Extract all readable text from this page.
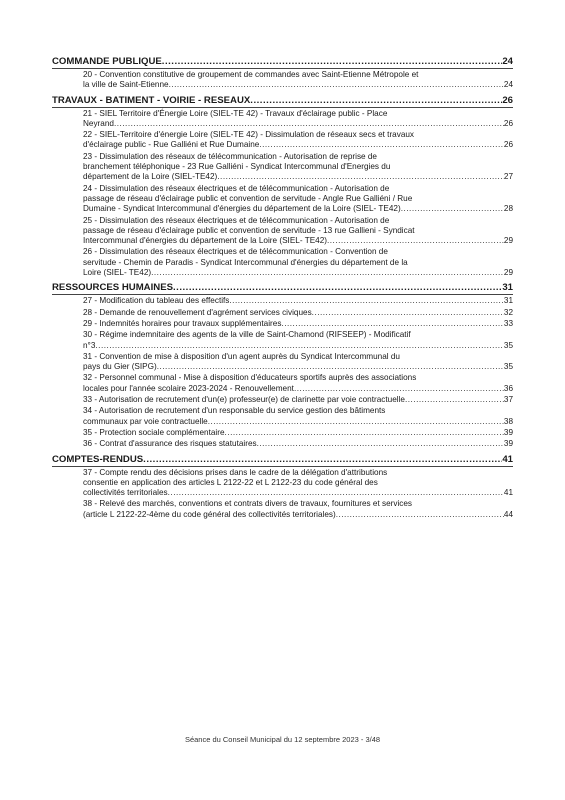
COMMANDE PUBLIQUE .....	24
20 - Convention constitutive de groupement de commandes avec Saint-Etienne Métropole et
la ville de Saint-Etienne .....	24
TRAVAUX - BATIMENT - VOIRIE - RESEAUX .....	26
21 - SIEL Territoire d'Énergie Loire (SIEL-TE 42) - Travaux d'éclairage public - Place
Neyrand .....	26
22 - SIEL-Territoire d'énergie Loire (SIEL-TE 42) - Dissimulation de réseaux secs et travaux
d'éclairage public - Rue Galliéni et Rue Dumaine .....	26
23 - Dissimulation des réseaux de télécommunication - Autorisation de reprise de
branchement téléphonique - 23 Rue Galliéni - Syndicat Intercommunal d'Energies du
département de la Loire (SIEL-TE42) .....	27
24 - Dissimulation des réseaux électriques et de télécommunication - Autorisation de
passage de réseau d'éclairage public et convention de servitude - Angle Rue Galliéni / Rue
Dumaine - Syndicat Intercommunal d'énergies du département de la Loire (SIEL- TE42) .....	28
25 - Dissimulation des réseaux électriques et de télécommunication - Autorisation de
passage de réseau d'éclairage public et convention de servitude - 13 rue Gallieni - Syndicat
Intercommunal d'énergies du département de la Loire (SIEL- TE42) .....	29
26 - Dissimulation des réseaux électriques et de télécommunication - Convention de
servitude - Chemin de Paradis - Syndicat Intercommunal d'énergies du département de la
Loire (SIEL- TE42) .....	29
RESSOURCES HUMAINES .....	31
27 - Modification du tableau des effectifs .....	31
28 - Demande de renouvellement d'agrément services civiques .....	32
29 - Indemnités horaires pour travaux supplémentaires .....	33
30 - Régime indemnitaire des agents de la ville de Saint-Chamond (RIFSEEP) - Modificatif
n°3 .....	35
31 - Convention de mise à disposition d'un agent auprès du Syndicat Intercommunal du
pays du Gier (SIPG) .....	35
32 - Personnel communal - Mise à disposition d'éducateurs sportifs auprès des associations
locales pour l'année scolaire 2023-2024 - Renouvellement .....	36
33 - Autorisation de recrutement d'un(e) professeur(e) de clarinette par voie contractuelle .....	37
34 - Autorisation de recrutement d'un responsable du service gestion des bâtiments
communaux par voie contractuelle .....	38
35 - Protection sociale complémentaire .....	39
36 - Contrat d'assurance des risques statutaires .....	39
COMPTES-RENDUS .....	41
37 - Compte rendu des décisions prises dans le cadre de la délégation d'attributions
consentie en application des articles L 2122-22 et L 2122-23 du code général des
collectivités territoriales .....	41
38 - Relevé des marchés, conventions et contrats divers de travaux, fournitures et services
(article L 2122-22-4ème du code général des collectivités territoriales) .....	44
Séance du Conseil Municipal du 12 septembre 2023 - 3/48
